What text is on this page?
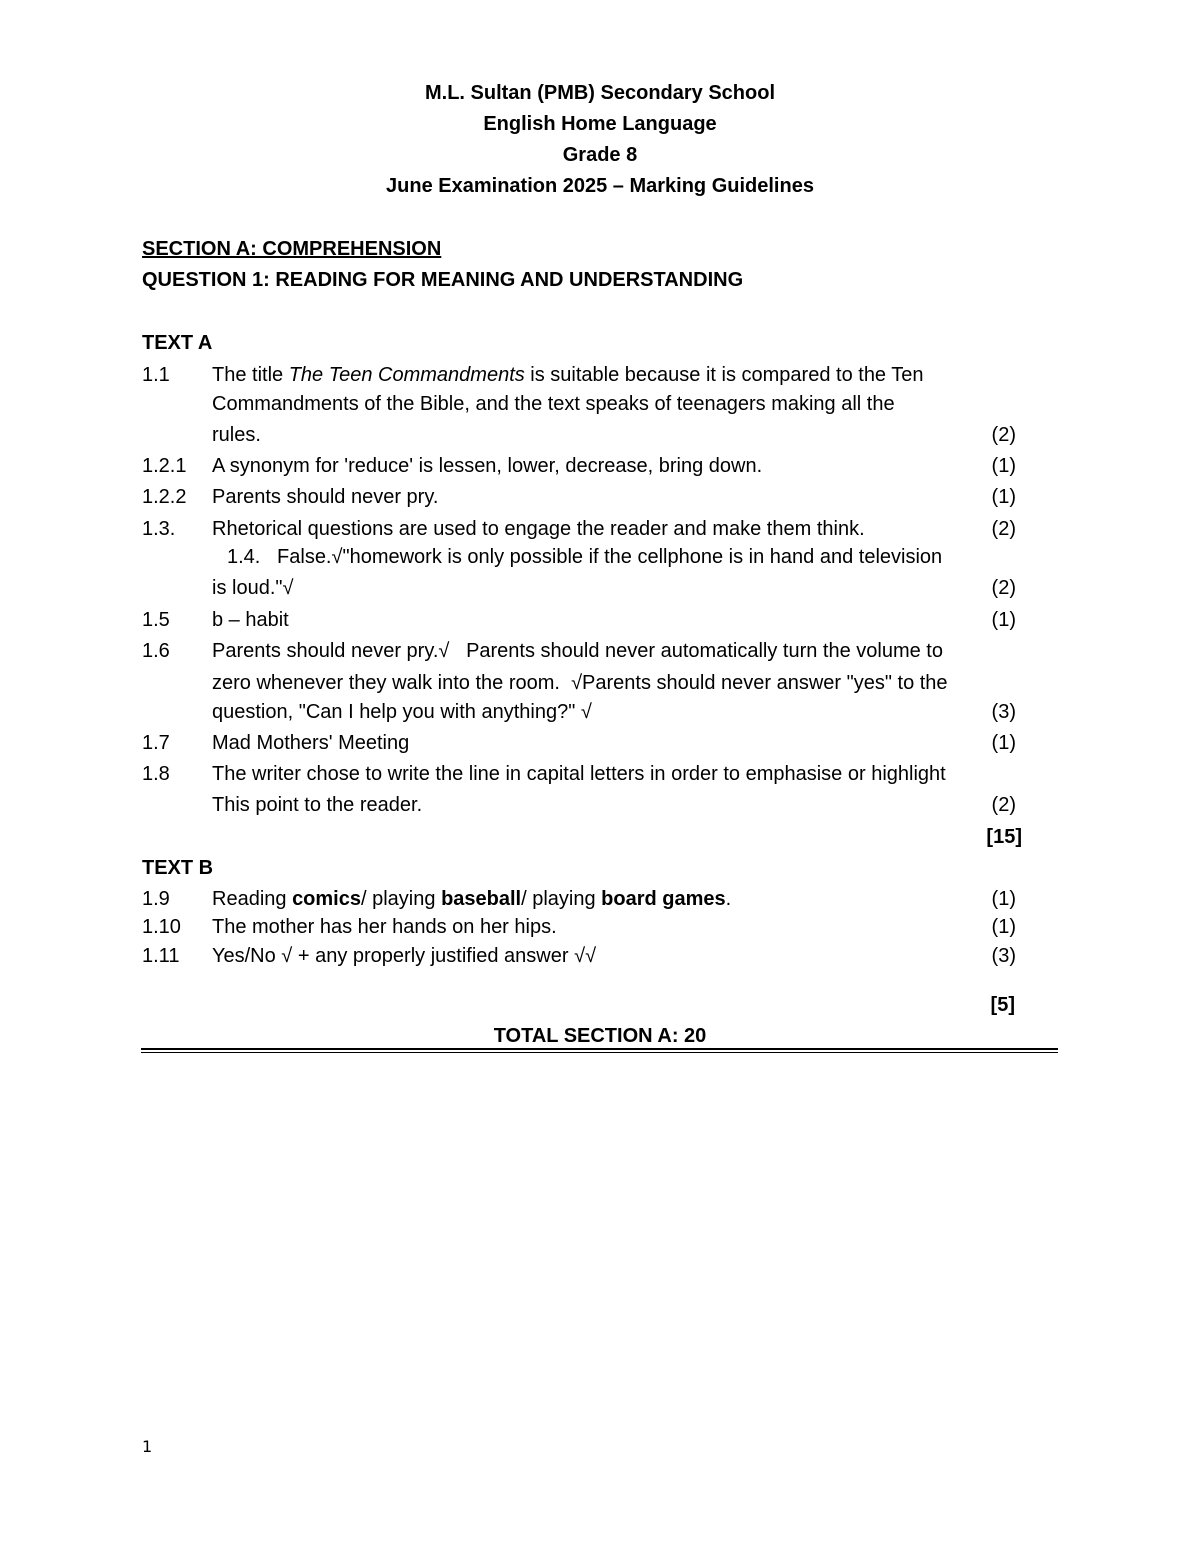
M.L. Sultan (PMB) Secondary School
English Home Language
Grade 8
June Examination 2025 – Marking Guidelines
SECTION A: COMPREHENSION
QUESTION 1: READING FOR MEANING AND UNDERSTANDING
TEXT A
1.1 The title The Teen Commandments is suitable because it is compared to the Ten
Commandments of the Bible, and the text speaks of teenagers making all the
rules.	(2)
1.2.1 A synonym for 'reduce' is lessen, lower, decrease, bring down.	(1)
1.2.2 Parents should never pry.	(1)
1.3. Rhetorical questions are used to engage the reader and make them think.	(2)
1.4.   False.√"homework is only possible if the cellphone is in hand and television
is loud."√	(2)
1.5 b – habit	(1)
1.6 Parents should never pry.√   Parents should never automatically turn the volume to
zero whenever they walk into the room.  √Parents should never answer "yes" to the
question, "Can I help you with anything?" √	(3)
1.7 Mad Mothers' Meeting	(1)
1.8 The writer chose to write the line in capital letters in order to emphasise or highlight
This point to the reader.	(2)
[15]
TEXT B
1.9 Reading comics/ playing baseball/ playing board games.	(1)
1.10 The mother has her hands on her hips.	(1)
1.11 Yes/No √ + any properly justified answer √√	(3)
[5]
TOTAL SECTION A: 20
1
